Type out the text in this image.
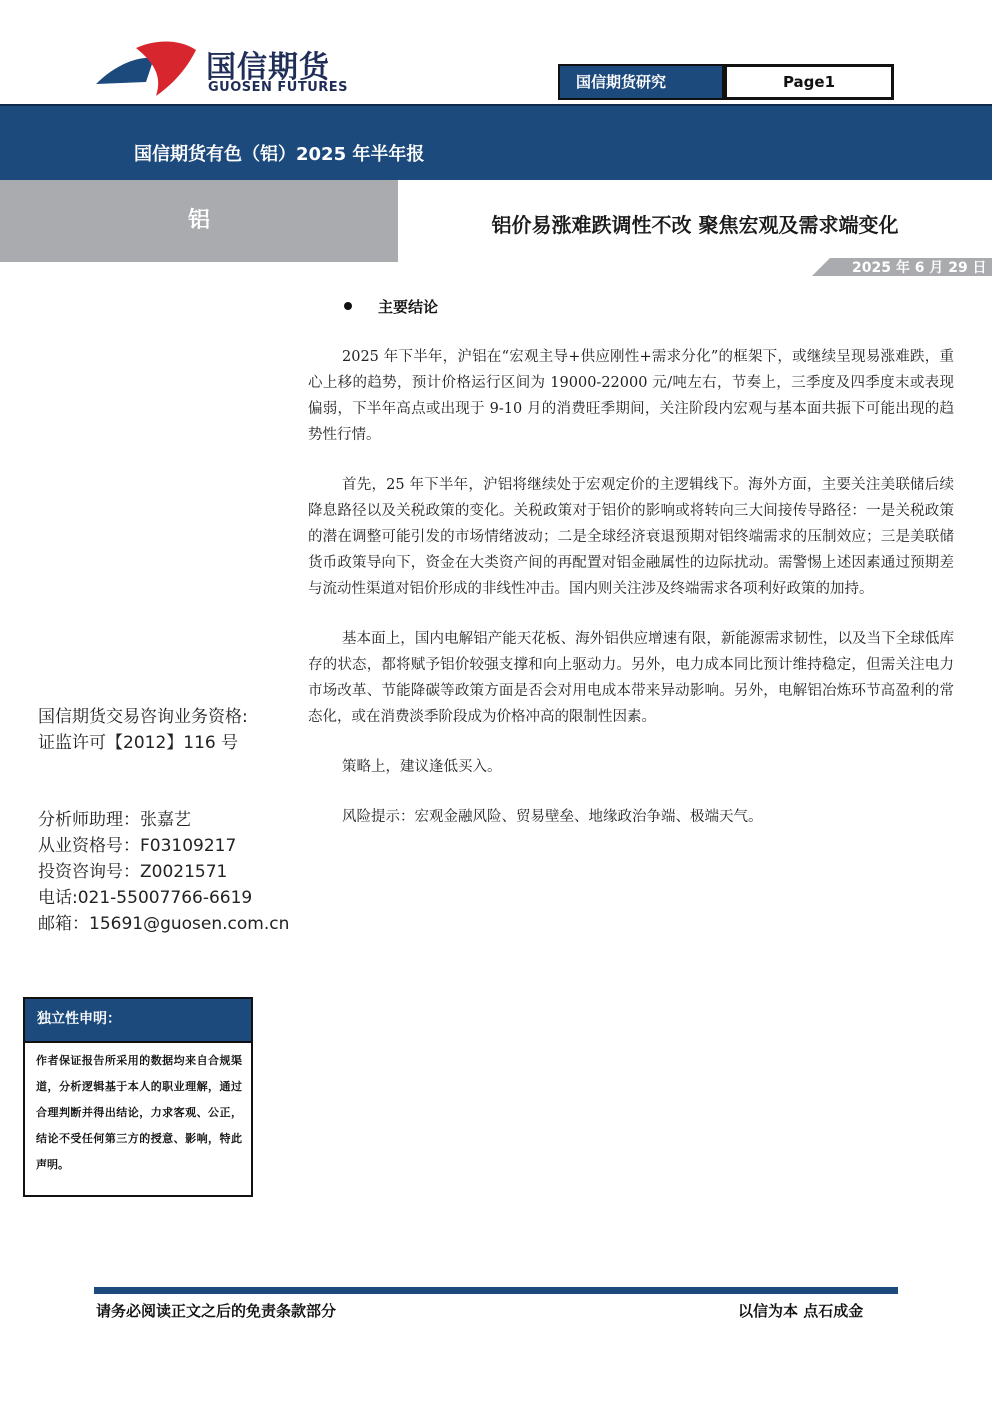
国信期货
GUOSEN FUTURES	国信期货研究	Page1
国信期货有色（铝）2025 年半年报
铝	铝价易涨难跌调性不改 聚焦宏观及需求端变化
2025 年 6 月 29 日
主要结论

2025 年下半年，沪铝在“宏观主导+供应刚性+需求分化”的框架下，或继续呈现易涨难跌，重心上移的趋势，预计价格运行区间为 19000-22000 元/吨左右，节奏上，三季度及四季度末或表现偏弱，下半年高点或出现于 9-10 月的消费旺季期间，关注阶段内宏观与基本面共振下可能出现的趋势性行情。

首先，25 年下半年，沪铝将继续处于宏观定价的主逻辑线下。海外方面，主要关注美联储后续降息路径以及关税政策的变化。关税政策对于铝价的影响或将转向三大间接传导路径：一是关税政策的潜在调整可能引发的市场情绪波动；二是全球经济衰退预期对铝终端需求的压制效应；三是美联储货币政策导向下，资金在大类资产间的再配置对铝金融属性的边际扰动。需警惕上述因素通过预期差与流动性渠道对铝价形成的非线性冲击。国内则关注涉及终端需求各项利好政策的加持。

基本面上，国内电解铝产能天花板、海外铝供应增速有限，新能源需求韧性，以及当下全球低库存的状态，都将赋予铝价较强支撑和向上驱动力。另外，电力成本同比预计维持稳定，但需关注电力市场改革、节能降碳等政策方面是否会对用电成本带来异动影响。另外，电解铝冶炼环节高盈利的常态化，或在消费淡季阶段成为价格冲高的限制性因素。

策略上，建议逢低买入。

风险提示：宏观金融风险、贸易壁垒、地缘政治争端、极端天气。

国信期货交易咨询业务资格:
证监许可【2012】116 号
分析师助理：张嘉艺
从业资格号：F03109217
投资咨询号：Z0021571
电话:021-55007766-6619
邮箱：15691@guosen.com.cn
独立性申明：
作者保证报告所采用的数据均来自合规渠道，分析逻辑基于本人的职业理解，通过合理判断并得出结论，力求客观、公正，结论不受任何第三方的授意、影响，特此声明。
请务必阅读正文之后的免责条款部分	以信为本 点石成金
